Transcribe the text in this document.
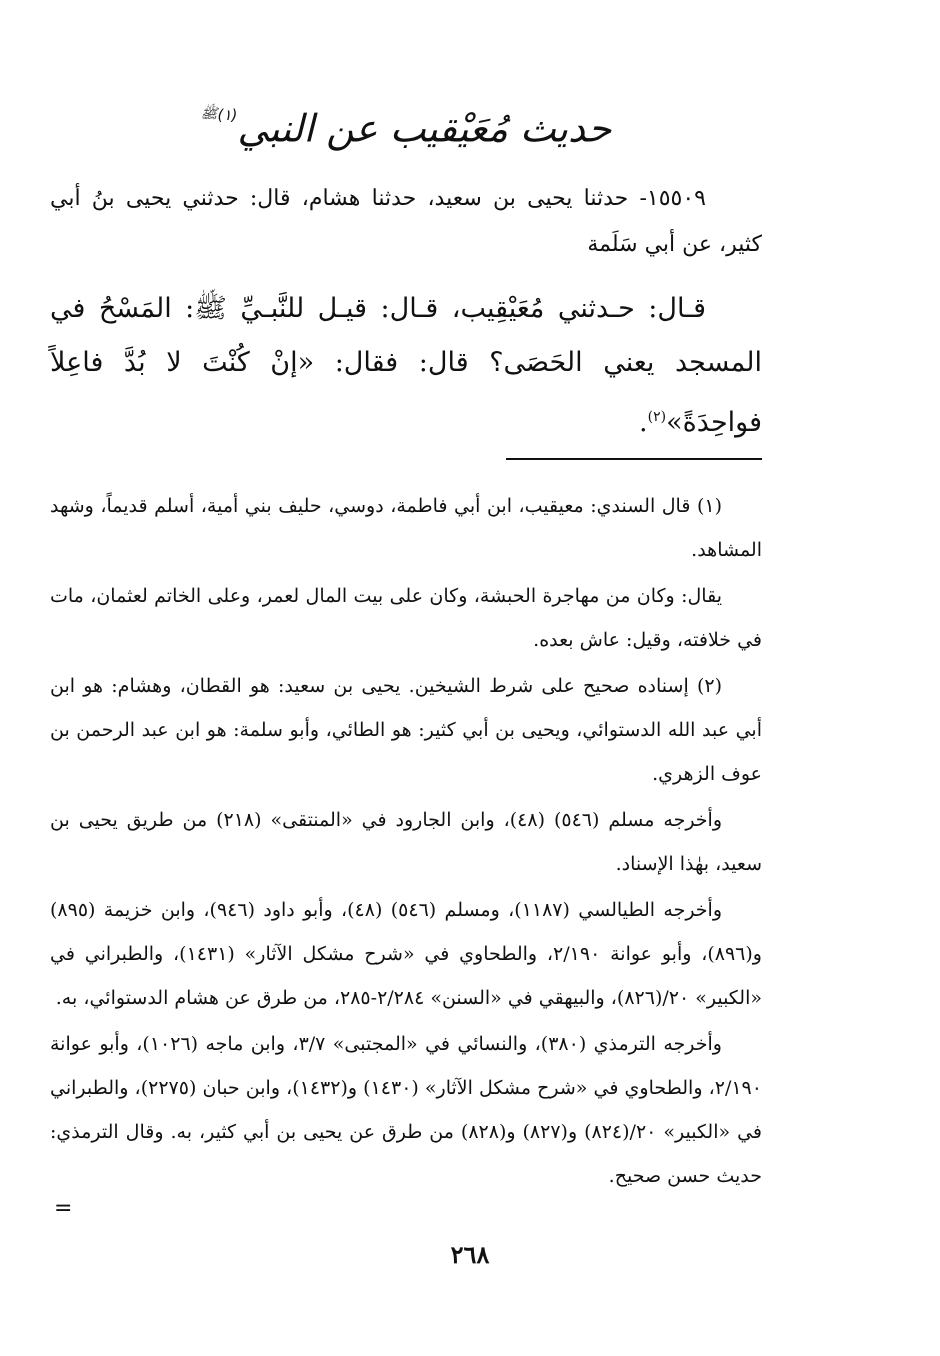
حديث مُعَيْقيب عن النبي$^{(١)ﷺ}$

١٥٥٠٩- حدثنا يحيى بن سعيد، حدثنا هشام، قال: حدثني يحيى بنُ أبي كثير، عن أبي سَلَمة

قـال: حـدثني مُعَيْقِيب، قـال: قيـل للنَّبـيِّ ﷺ: المَسْحُ في المسجد يعني الحَصَى؟ قال: فقال: «إنْ كُنْتَ لا بُدَّ فاعِلاً فواحِدَةً»$^{(٢)}$.

(١) قال السندي: معيقيب، ابن أبي فاطمة، دوسي، حليف بني أمية، أسلم قديماً، وشهد المشاهد.

يقال: وكان من مهاجرة الحبشة، وكان على بيت المال لعمر، وعلى الخاتم لعثمان، مات في خلافته، وقيل: عاش بعده.

(٢) إسناده صحيح على شرط الشيخين. يحيى بن سعيد: هو القطان، وهشام: هو ابن أبي عبد الله الدستوائي، ويحيى بن أبي كثير: هو الطائي، وأبو سلمة: هو ابن عبد الرحمن بن عوف الزهري.

وأخرجه مسلم (٥٤٦) (٤٨)، وابن الجارود في «المنتقى» (٢١٨) من طريق يحيى بن سعيد، بهٰذا الإسناد.

وأخرجه الطيالسي (١١٨٧)، ومسلم (٥٤٦) (٤٨)، وأبو داود (٩٤٦)، وابن خزيمة (٨٩٥) و(٨٩٦)، وأبو عوانة ٢/١٩٠، والطحاوي في «شرح مشكل الآثار» (١٤٣١)، والطبراني في «الكبير» ٢٠/(٨٢٦)، والبيهقي في «السنن» ٢/٢٨٤-٢٨٥، من طرق عن هشام الدستوائي، به.

وأخرجه الترمذي (٣٨٠)، والنسائي في «المجتبى» ٣/٧، وابن ماجه (١٠٢٦)، وأبو عوانة ٢/١٩٠، والطحاوي في «شرح مشكل الآثار» (١٤٣٠) و(١٤٣٢)، وابن حبان (٢٢٧٥)، والطبراني في «الكبير» ٢٠/(٨٢٤) و(٨٢٧) و(٨٢٨) من طرق عن يحيى بن أبي كثير، به. وقال الترمذي: حديث حسن صحيح.

=
٢٦٨
